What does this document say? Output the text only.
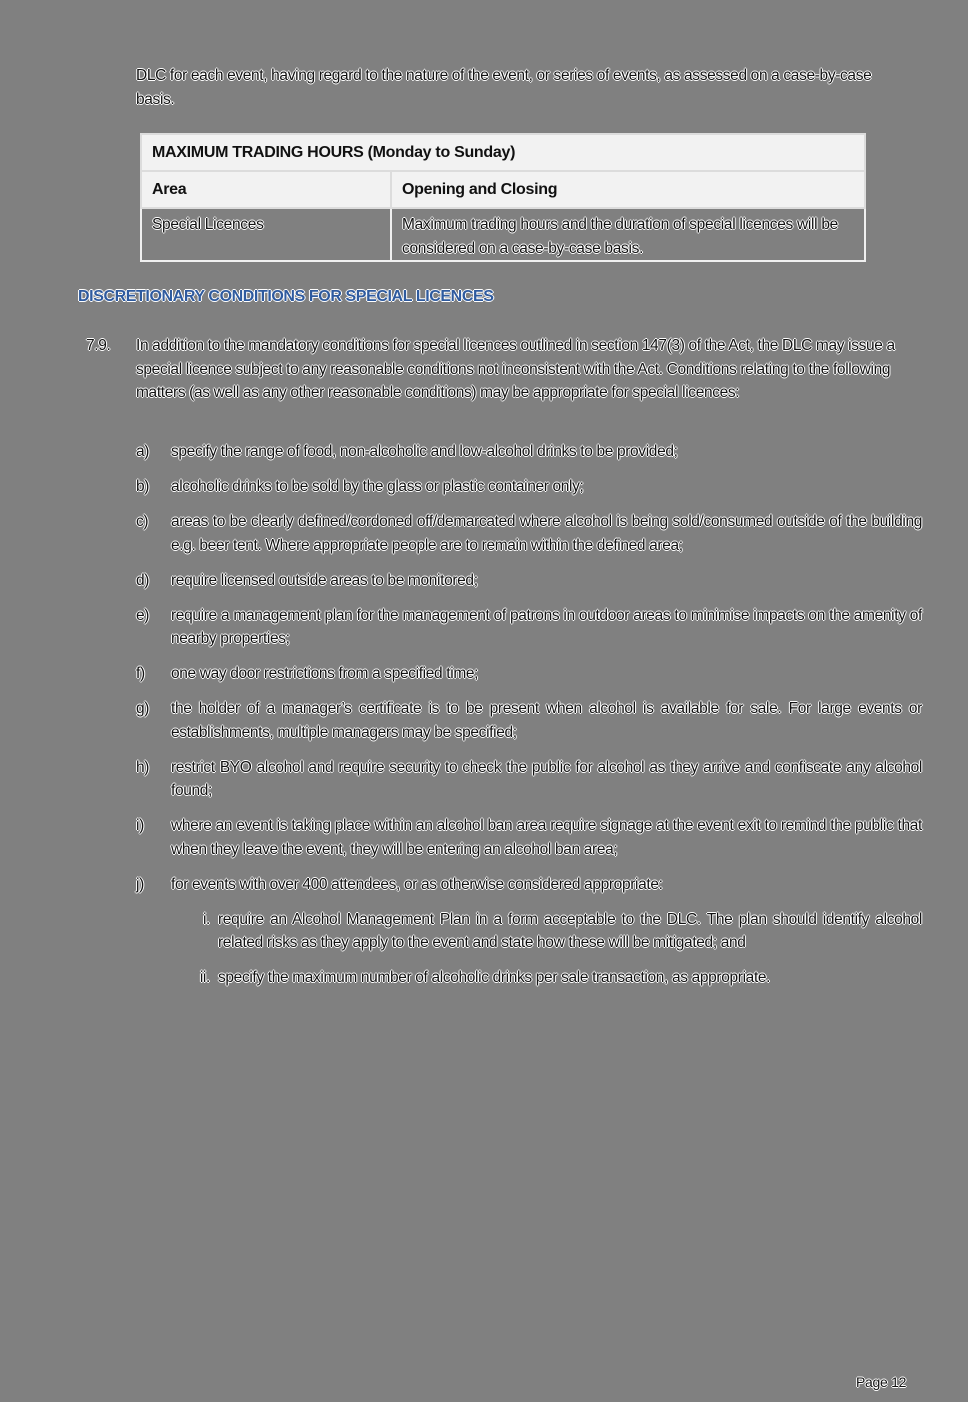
DLC for each event, having regard to the nature of the event, or series of events, as assessed on a case-by-case basis.
MAXIMUM TRADING HOURS (Monday to Sunday)	
Area	Opening and Closing
Special Licences	Maximum trading hours and the duration of special licences will be considered on a case-by-case basis.
DISCRETIONARY CONDITIONS FOR SPECIAL LICENCES
7.9. In addition to the mandatory conditions for special licences outlined in section 147(3) of the Act, the DLC may issue a special licence subject to any reasonable conditions not inconsistent with the Act. Conditions relating to the following matters (as well as any other reasonable conditions) may be appropriate for special licences:
a) specify the range of food, non-alcoholic and low-alcohol drinks to be provided;
b) alcoholic drinks to be sold by the glass or plastic container only;
c) areas to be clearly defined/cordoned off/demarcated where alcohol is being sold/consumed outside of the building e.g. beer tent. Where appropriate people are to remain within the defined area;
d) require licensed outside areas to be monitored;
e) require a management plan for the management of patrons in outdoor areas to minimise impacts on the amenity of nearby properties;
f) one way door restrictions from a specified time;
g) the holder of a manager’s certificate is to be present when alcohol is available for sale. For large events or establishments, multiple managers may be specified;
h) restrict BYO alcohol and require security to check the public for alcohol as they arrive and confiscate any alcohol found;
i) where an event is taking place within an alcohol ban area require signage at the event exit to remind the public that when they leave the event, they will be entering an alcohol ban area;
j) for events with over 400 attendees, or as otherwise considered appropriate:
i. require an Alcohol Management Plan in a form acceptable to the DLC. The plan should identify alcohol related risks as they apply to the event and state how these will be mitigated; and
ii. specify the maximum number of alcoholic drinks per sale transaction, as appropriate.
Page 12
